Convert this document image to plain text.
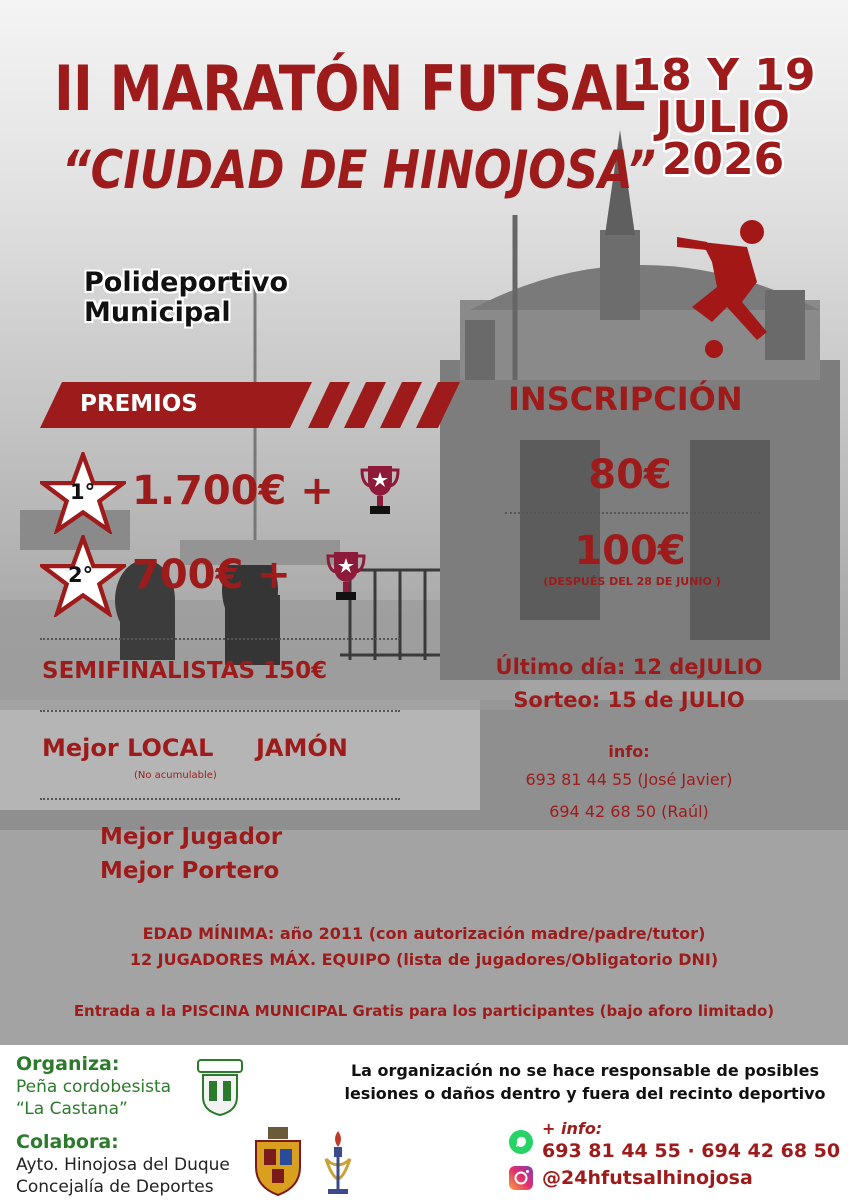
II MARATÓN FUTSAL
“CIUDAD DE HINOJOSA”
18 Y 19
JULIO
2026
Polideportivo
Municipal
PREMIOS
1° 1.700€ +
2° 700€ +
SEMIFINALISTAS 150€
Mejor LOCAL JAMÓN
(No acumulable)
Mejor Jugador
Mejor Portero
INSCRIPCIÓN
80€
100€
(DESPUÉS DEL 28 DE JUNIO )
Último día: 12 deJULIO
Sorteo: 15 de JULIO
info:
693 81 44 55 (José Javier)
694 42 68 50 (Raúl)
EDAD MÍNIMA: año 2011 (con autorización madre/padre/tutor)
12 JUGADORES MÁX. EQUIPO (lista de jugadores/Obligatorio DNI)
Entrada a la PISCINA MUNICIPAL Gratis para los participantes (bajo aforo limitado)
Organiza:
Peña cordobesista
“La Castana”
Colabora:
Ayto. Hinojosa del Duque
Concejalía de Deportes
La organización no se hace responsable de posibles
lesiones o daños dentro y fuera del recinto deportivo
+ info:
693 81 44 55 · 694 42 68 50
@24hfutsalhinojosa
